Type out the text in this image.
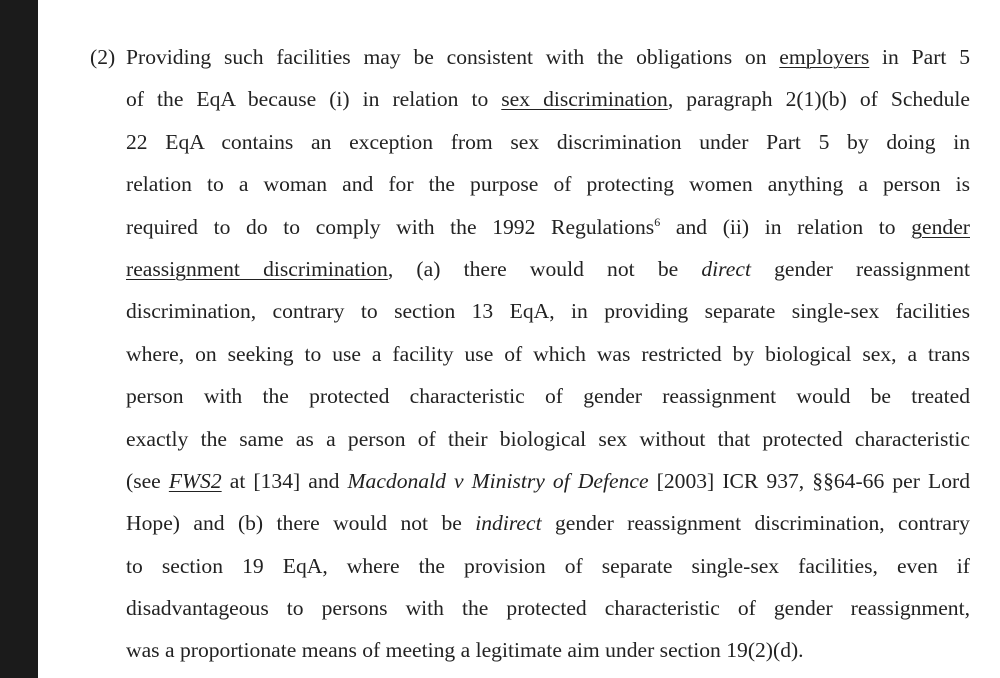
(2) Providing such facilities may be consistent with the obligations on employers in Part 5
of the EqA because (i) in relation to sex discrimination, paragraph 2(1)(b) of Schedule
22 EqA contains an exception from sex discrimination under Part 5 by doing in
relation to a woman and for the purpose of protecting women anything a person is
required to do to comply with the 1992 Regulations$^6$ and (ii) in relation to gender
reassignment discrimination, (a) there would not be direct gender reassignment
discrimination, contrary to section 13 EqA, in providing separate single-sex facilities
where, on seeking to use a facility use of which was restricted by biological sex, a trans
person with the protected characteristic of gender reassignment would be treated
exactly the same as a person of their biological sex without that protected characteristic
(see FWS2 at [134] and Macdonald v Ministry of Defence [2003] ICR 937, §§64-66 per Lord
Hope) and (b) there would not be indirect gender reassignment discrimination, contrary
to section 19 EqA, where the provision of separate single-sex facilities, even if
disadvantageous to persons with the protected characteristic of gender reassignment,
was a proportionate means of meeting a legitimate aim under section 19(2)(d).
